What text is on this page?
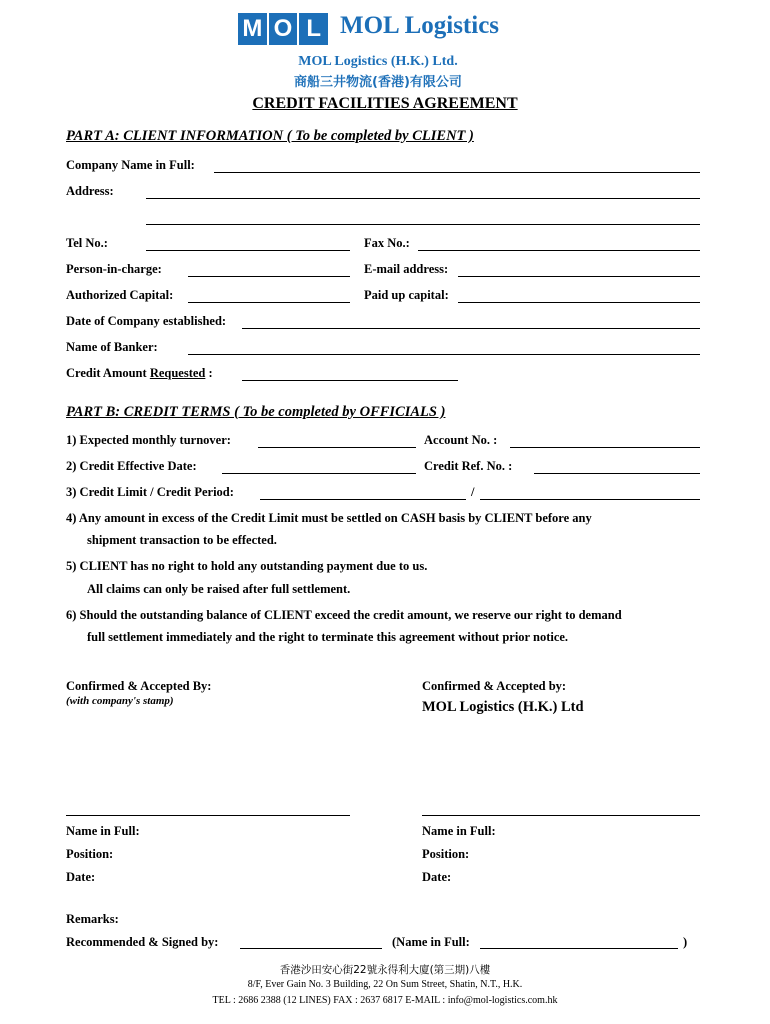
M O L MOL Logistics
MOL Logistics (H.K.) Ltd.
商船三井物流(香港)有限公司
CREDIT FACILITIES AGREEMENT
PART A: CLIENT INFORMATION ( To be completed by CLIENT )
Company Name in Full:
Address:
Tel No.:	Fax No.:
Person-in-charge:	E-mail address:
Authorized Capital:	Paid up capital:
Date of Company established:
Name of Banker:
Credit Amount Requested :
PART B: CREDIT TERMS ( To be completed by OFFICIALS )
1) Expected monthly turnover:	Account No. :
2) Credit Effective Date:	Credit Ref. No. :
3) Credit Limit / Credit Period:	/
4) Any amount in excess of the Credit Limit must be settled on CASH basis by CLIENT before any
shipment transaction to be effected.
5) CLIENT has no right to hold any outstanding payment due to us.
All claims can only be raised after full settlement.
6) Should the outstanding balance of CLIENT exceed the credit amount, we reserve our right to demand
full settlement immediately and the right to terminate this agreement without prior notice.
Confirmed & Accepted By:
(with company's stamp)
Confirmed & Accepted by:
MOL Logistics (H.K.) Ltd
Name in Full:
Position:
Date:
Name in Full:
Position:
Date:
Remarks:
Recommended & Signed by:	(Name in Full:	)
香港沙田安心街22號永得利大廈(第三期)八樓
8/F, Ever Gain No. 3 Building, 22 On Sum Street, Shatin, N.T., H.K.
TEL : 2686 2388 (12 LINES) FAX : 2637 6817 E-MAIL : info@mol-logistics.com.hk
